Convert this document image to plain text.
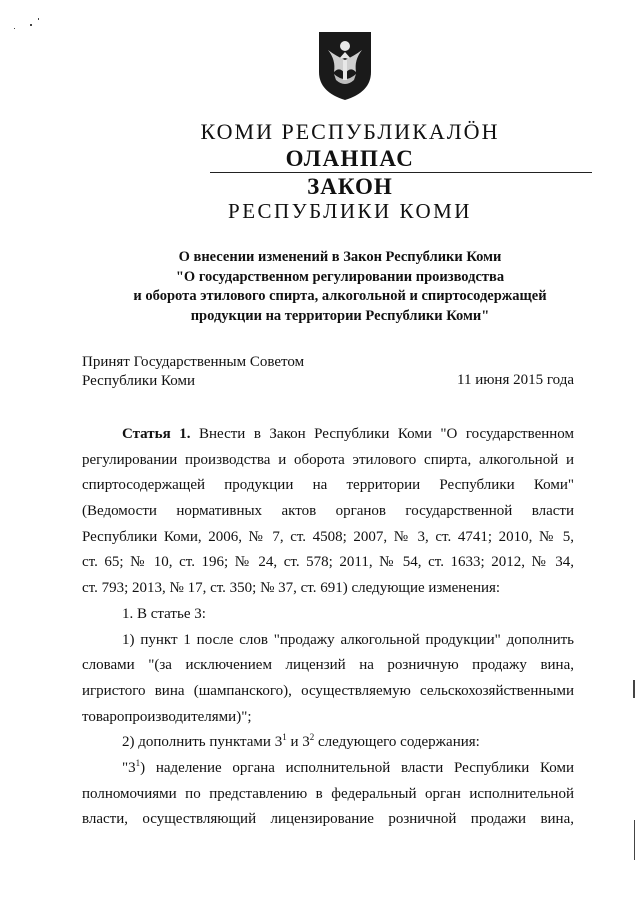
КОМИ РЕСПУБЛИКАЛӦН
ОЛАНПАС
ЗАКОН
РЕСПУБЛИКИ КОМИ
О внесении изменений в Закон Республики Коми
"О государственном регулировании производства
и оборота этилового спирта, алкогольной и спиртосодержащей
продукции на территории Республики Коми"
Принят Государственным Советом
Республики Коми	11 июня 2015 года
Статья 1. Внести в Закон Республики Коми "О государственном
регулировании производства и оборота этилового спирта, алкогольной и
спиртосодержащей продукции на территории Республики Коми"
(Ведомости нормативных актов органов государственной власти
Республики Коми, 2006, № 7, ст. 4508; 2007, № 3, ст. 4741; 2010, № 5,
ст. 65; № 10, ст. 196; № 24, ст. 578; 2011, № 54, ст. 1633; 2012, № 34,
ст. 793; 2013, № 17, ст. 350; № 37, ст. 691) следующие изменения:
1. В статье 3:
1) пункт 1 после слов "продажу алкогольной продукции" дополнить
словами "(за исключением лицензий на розничную продажу вина,
игристого вина (шампанского), осуществляемую сельскохозяйственными
товаропроизводителями)";
2) дополнить пунктами $3^1$ и $3^2$ следующего содержания:
"$3^1$) наделение органа исполнительной власти Республики Коми
полномочиями по представлению в федеральный орган исполнительной
власти, осуществляющий лицензирование розничной продажи вина,
